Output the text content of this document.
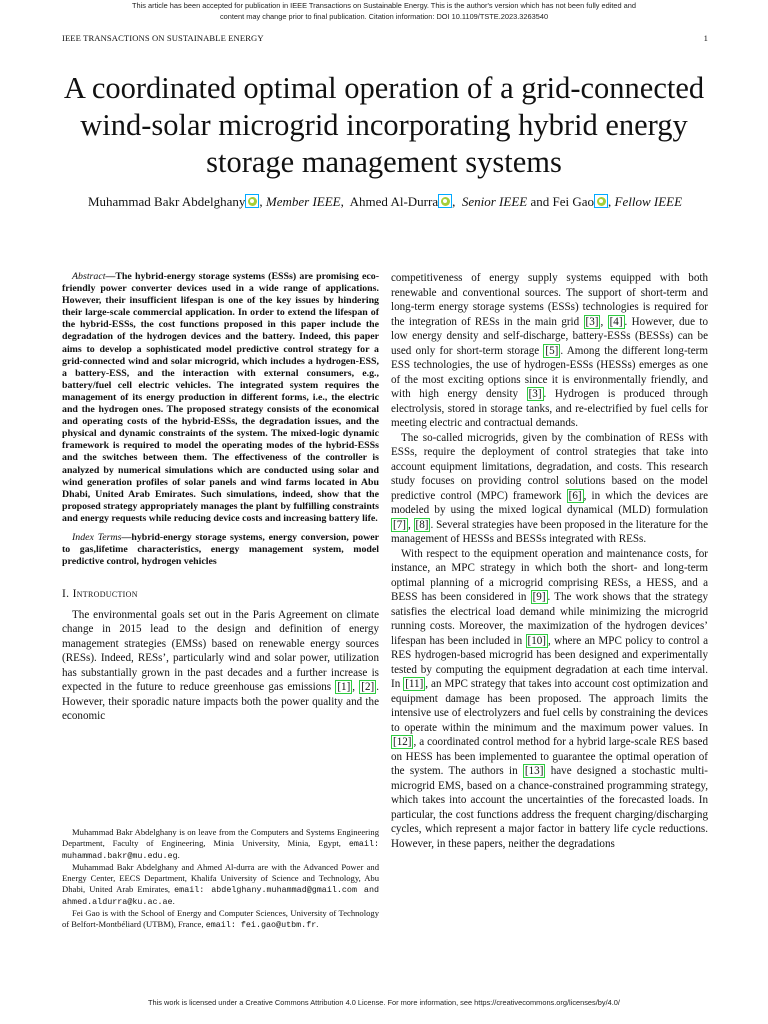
This article has been accepted for publication in IEEE Transactions on Sustainable Energy. This is the author's version which has not been fully edited and
content may change prior to final publication. Citation information: DOI 10.1109/TSTE.2023.3263540
IEEE TRANSACTIONS ON SUSTAINABLE ENERGY	1
A coordinated optimal operation of a grid-connected wind-solar microgrid incorporating hybrid energy storage management systems
Muhammad Bakr Abdelghany , Member IEEE, Ahmed Al-Durra , Senior IEEE and Fei Gao , Fellow IEEE

Abstract—The hybrid-energy storage systems (ESSs) are promising eco-friendly power converter devices used in a wide range of applications. However, their insufficient lifespan is one of the key issues by hindering their large-scale commercial application. In order to extend the lifespan of the hybrid-ESSs, the cost functions proposed in this paper include the degradation of the hydrogen devices and the battery. Indeed, this paper aims to develop a sophisticated model predictive control strategy for a grid-connected wind and solar microgrid, which includes a hydrogen-ESS, a battery-ESS, and the interaction with external consumers, e.g., battery/fuel cell electric vehicles. The integrated system requires the management of its energy production in different forms, i.e., the electric and the hydrogen ones. The proposed strategy consists of the economical and operating costs of the hybrid-ESSs, the degradation issues, and the physical and dynamic constraints of the system. The mixed-logic dynamic framework is required to model the operating modes of the hybrid-ESSs and the switches between them. The effectiveness of the controller is analyzed by numerical simulations which are conducted using solar and wind generation profiles of solar panels and wind farms located in Abu Dhabi, United Arab Emirates. Such simulations, indeed, show that the proposed strategy appropriately manages the plant by fulfilling constraints and energy requests while reducing device costs and increasing battery life.

Index Terms—hybrid-energy storage systems, energy conversion, power to gas,lifetime characteristics, energy management system, model predictive control, hydrogen vehicles

I. Introduction

The environmental goals set out in the Paris Agreement on climate change in 2015 lead to the design and definition of energy management strategies (EMSs) based on renewable energy sources (RESs). Indeed, RESs’, particularly wind and solar power, utilization has substantially grown in the past decades and a further increase is expected in the future to reduce greenhouse gas emissions [1] , [2] . However, their sporadic nature impacts both the power quality and the economic

Muhammad Bakr Abdelghany is on leave from the Computers and Systems Engineering Department, Faculty of Engineering, Minia University, Minia, Egypt, email: muhammad.bakr@mu.edu.eg.

Muhammad Bakr Abdelghany and Ahmed Al-durra are with the Advanced Power and Energy Center, EECS Department, Khalifa University of Science and Technology, Abu Dhabi, United Arab Emirates, email: abdelghany.muhammad@gmail.com and ahmed.aldurra@ku.ac.ae.

Fei Gao is with the School of Energy and Computer Sciences, University of Technology of Belfort-Montbéliard (UTBM), France, email: fei.gao@utbm.fr.

competitiveness of energy supply systems equipped with both renewable and conventional sources. The support of short-term and long-term energy storage systems (ESSs) technologies is required for the integration of RESs in the main grid [3] , [4] . However, due to low energy density and self-discharge, battery-ESSs (BESSs) can be used only for short-term storage [5] . Among the different long-term ESS technologies, the use of hydrogen-ESSs (HESSs) emerges as one of the most exciting options since it is environmentally friendly, and with high energy density [3] . Hydrogen is produced through electrolysis, stored in storage tanks, and re-electrified by fuel cells for meeting electric and contractual demands.

The so-called microgrids, given by the combination of RESs with ESSs, require the deployment of control strategies that take into account equipment limitations, degradation, and costs. This research study focuses on providing control solutions based on the model predictive control (MPC) framework [6] , in which the devices are modeled by using the mixed logical dynamical (MLD) formulation [7] , [8] . Several strategies have been proposed in the literature for the management of HESSs and BESSs integrated with RESs.

With respect to the equipment operation and maintenance costs, for instance, an MPC strategy in which both the short- and long-term optimal planning of a microgrid comprising RESs, a HESS, and a BESS has been considered in [9] . The work shows that the strategy satisfies the electrical load demand while minimizing the microgrid running costs. Moreover, the maximization of the hydrogen devices’ lifespan has been included in [10] , where an MPC policy to control a RES hydrogen-based microgrid has been designed and experimentally tested by computing the equipment degradation at each time interval. In [11] , an MPC strategy that takes into account cost optimization and equipment damage has been proposed. The approach limits the intensive use of electrolyzers and fuel cells by constraining the devices to operate within the minimum and the maximum power values. In [12] , a coordinated control method for a hybrid large-scale RES based on HESS has been implemented to guarantee the optimal operation of the system. The authors in [13] have designed a stochastic multi-microgrid EMS, based on a chance-constrained programming strategy, which takes into account the uncertainties of the forecasted loads. In particular, the cost functions address the frequent charging/discharging cycles, which represent a major factor in battery life cycle reductions. However, in these papers, neither the degradations

This work is licensed under a Creative Commons Attribution 4.0 License. For more information, see https://creativecommons.org/licenses/by/4.0/
